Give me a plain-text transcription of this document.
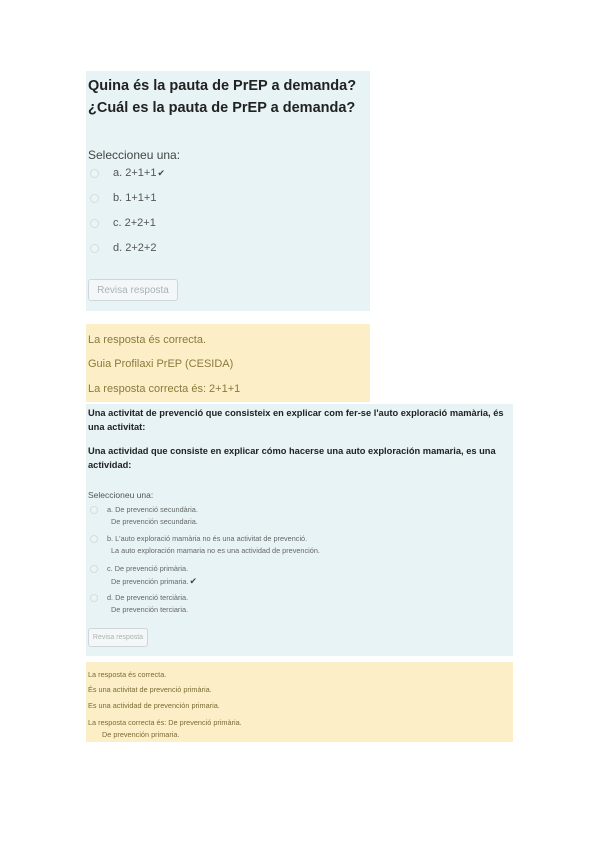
Quina és la pauta de PrEP a demanda?
¿Cuál es la pauta de PrEP a demanda?
Seleccioneu una:
a. 2+1+1 ✔
b. 1+1+1
c. 2+2+1
d. 2+2+2
Revisa resposta
La resposta és correcta.
Guia Profilaxi PrEP (CESIDA)
La resposta correcta és: 2+1+1
Una activitat de prevenció que consisteix en explicar com fer-se l'auto exploració mamària, és una activitat:
Una actividad que consiste en explicar cómo hacerse una auto exploración mamaria, es una actividad:
Seleccioneu una:
a. De prevenció secundària.
De prevención secundaria.
b. L'auto exploració mamària no és una activitat de prevenció.
La auto exploración mamaria no es una actividad de prevención.
c. De prevenció primària.
De prevención primaria.✔
d. De prevenció terciària.
De prevención terciaria.
Revisa resposta
La resposta és correcta.
És una activitat de prevenció primària.
Es una actividad de prevención primaria.
La resposta correcta és: De prevenció primària.
De prevención primaria.
